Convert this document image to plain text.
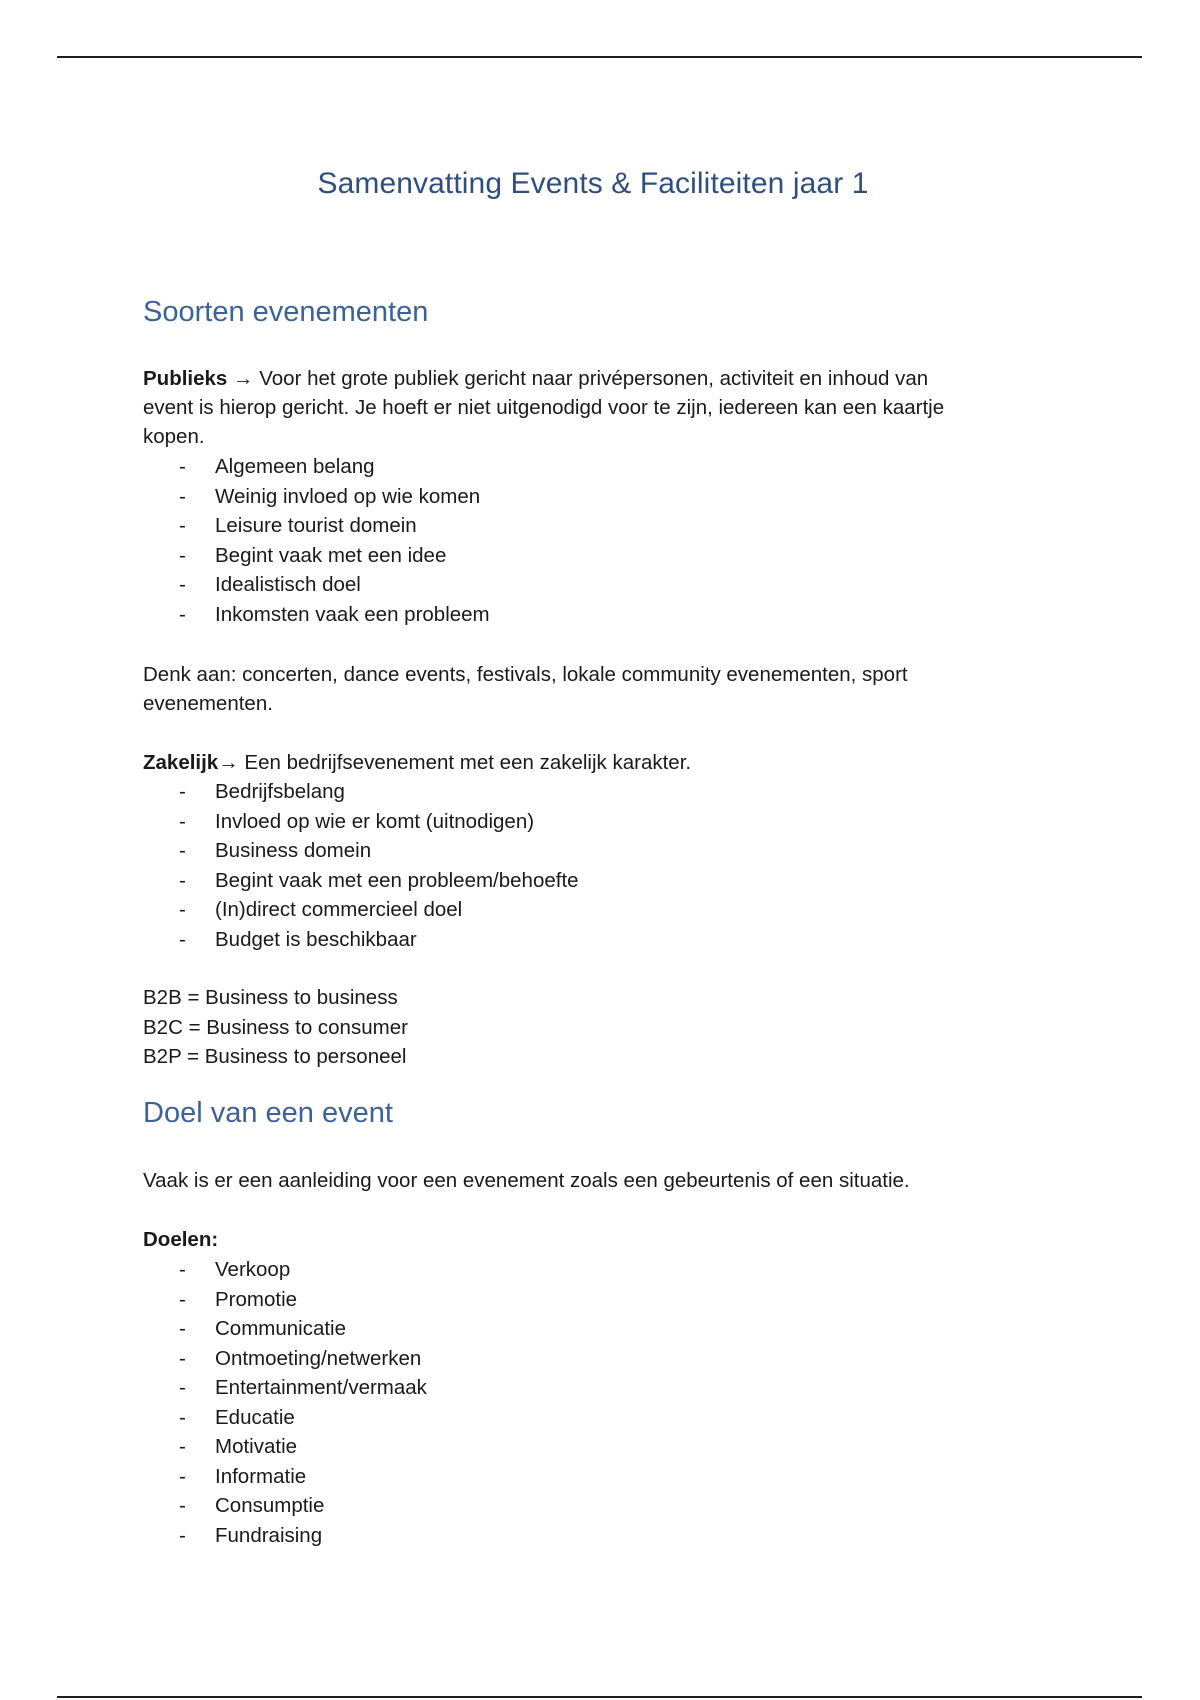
Samenvatting Events & Faciliteiten jaar 1
Soorten evenementen

Publieks → Voor het grote publiek gericht naar privépersonen, activiteit en inhoud van
event is hierop gericht. Je hoeft er niet uitgenodigd voor te zijn, iedereen kan een kaartje
kopen.

- Algemeen belang
- Weinig invloed op wie komen
- Leisure tourist domein
- Begint vaak met een idee
- Idealistisch doel
- Inkomsten vaak een probleem

Denk aan: concerten, dance events, festivals, lokale community evenementen, sport
evenementen.

Zakelijk→ Een bedrijfsevenement met een zakelijk karakter.

- Bedrijfsbelang
- Invloed op wie er komt (uitnodigen)
- Business domein
- Begint vaak met een probleem/behoefte
- (In)direct commercieel doel
- Budget is beschikbaar
B2B = Business to business
B2C = Business to consumer
B2P = Business to personeel
Doel van een event

Vaak is er een aanleiding voor een evenement zoals een gebeurtenis of een situatie.

Doelen:

- Verkoop
- Promotie
- Communicatie
- Ontmoeting/netwerken
- Entertainment/vermaak
- Educatie
- Motivatie
- Informatie
- Consumptie
- Fundraising
